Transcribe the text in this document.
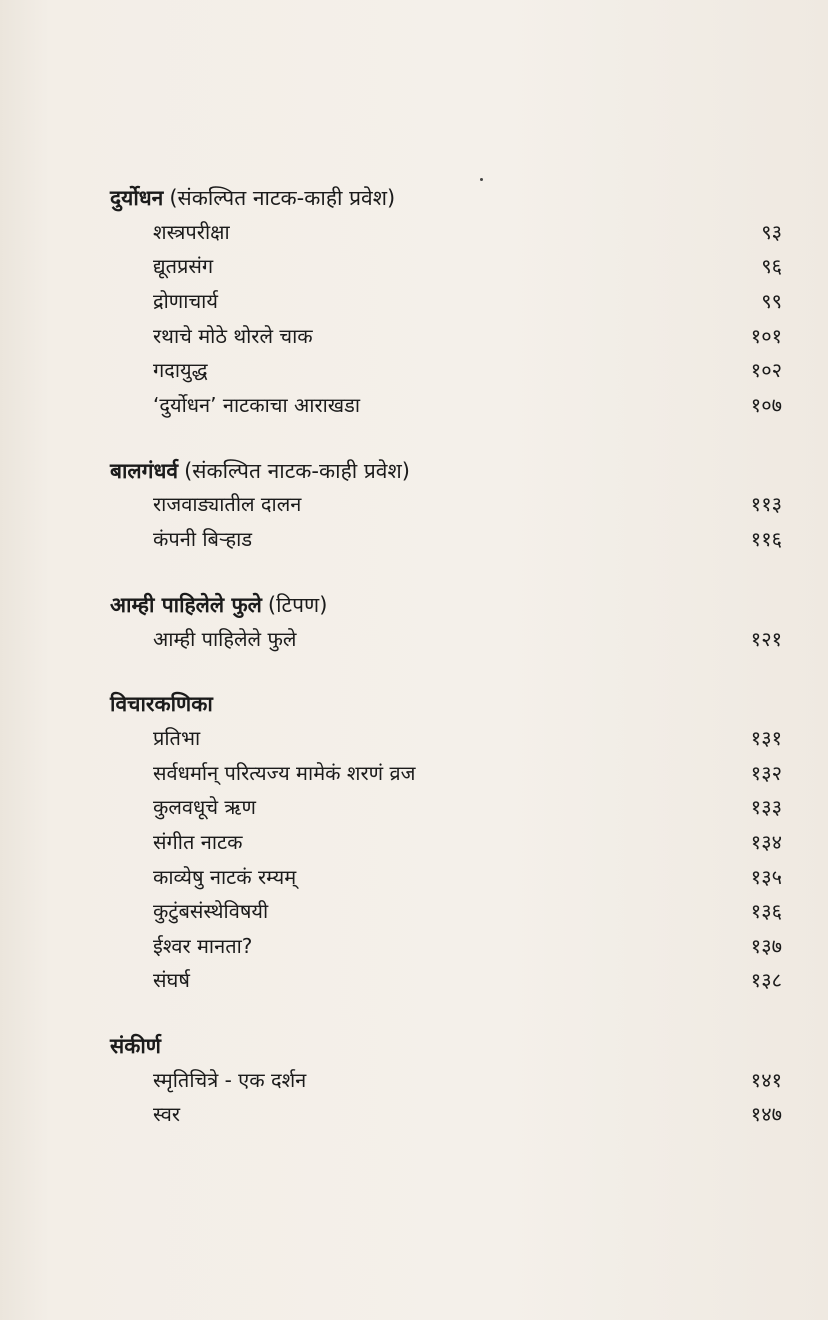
दुर्योधन (संकल्पित नाटक-काही प्रवेश)
शस्त्रपरीक्षा	९३
द्यूतप्रसंग	९६
द्रोणाचार्य	९९
रथाचे मोठे थोरले चाक	१०१
गदायुद्ध	१०२
‘दुर्योधन’ नाटकाचा आराखडा	१०७
बालगंधर्व (संकल्पित नाटक-काही प्रवेश)
राजवाड्यातील दालन	११३
कंपनी बिऱ्हाड	११६
आम्ही पाहिलेले फुले (टिपण)
आम्ही पाहिलेले फुले	१२१
विचारकणिका
प्रतिभा	१३१
सर्वधर्मान् परित्यज्य मामेकं शरणं व्रज	१३२
कुलवधूचे ऋण	१३३
संगीत नाटक	१३४
काव्येषु नाटकं रम्यम्	१३५
कुटुंबसंस्थेविषयी	१३६
ईश्वर मानता?	१३७
संघर्ष	१३८
संकीर्ण
स्मृतिचित्रे - एक दर्शन	१४१
स्वर	१४७
